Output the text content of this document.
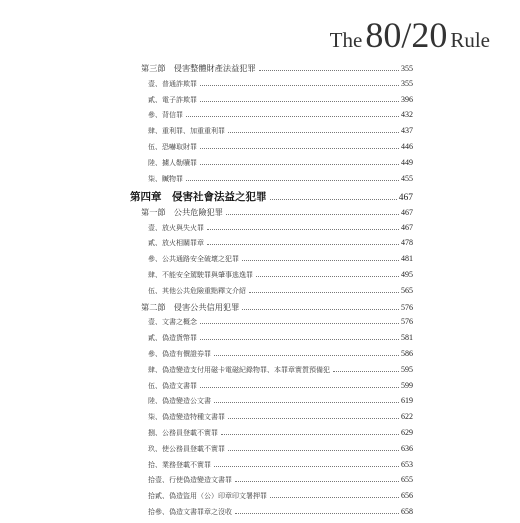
The80/20 Rule
第三節　侵害整體財產法益犯罪	355
壹、普通詐欺罪	355
貳、電子詐欺罪	396
參、背信罪	432
肆、重利罪、加重重利罪	437
伍、恐嚇取財罪	446
陸、擄人勒贖罪	449
柒、贓物罪	455
第四章　侵害社會法益之犯罪	467
第一節　公共危險犯罪	467
壹、放火與失火罪	467
貳、放火相關罪章	478
參、公共通路安全破壞之犯罪	481
肆、不能安全駕駛罪與肇事逃逸罪	495
伍、其他公共危險重點釋文介紹	565
第二節　侵害公共信用犯罪	576
壹、文書之概念	576
貳、偽造貨幣罪	581
參、偽造有價證券罪	586
肆、偽造變造支付用磁卡電磁紀錄物罪、本罪章實質預備犯	595
伍、偽造文書罪	599
陸、偽造變造公文書	619
柒、偽造變造特種文書罪	622
捌、公務員登載不實罪	629
玖、使公務員登載不實罪	636
拾、業務登載不實罪	653
拾壹、行使偽造變造文書罪	655
拾貳、偽造盜用（公）印章印文署押罪	656
拾參、偽造文書罪章之沒收	658
